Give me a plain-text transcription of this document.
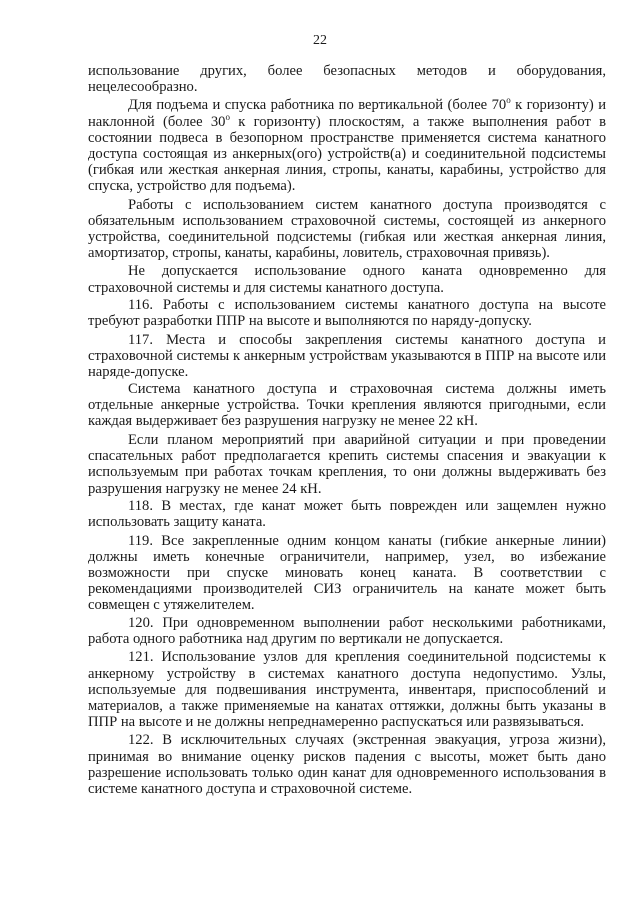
22

использование других, более безопасных методов и оборудования, нецелесообразно.

Для подъема и спуска работника по вертикальной (более $70^о$ к горизонту) и наклонной (более $30^о$ к горизонту) плоскостям, а также выполнения работ в состоянии подвеса в безопорном пространстве применяется система канатного доступа состоящая из анкерных(ого) устройств(а) и соединительной подсистемы (гибкая или жесткая анкерная линия, стропы, канаты, карабины, устройство для спуска, устройство для подъема).

Работы с использованием систем канатного доступа производятся с обязательным использованием страховочной системы, состоящей из анкерного устройства, соединительной подсистемы (гибкая или жесткая анкерная линия, амортизатор, стропы, канаты, карабины, ловитель, страховочная привязь).

Не допускается использование одного каната одновременно для страховочной системы и для системы канатного доступа.

116. Работы с использованием системы канатного доступа на высоте требуют разработки ППР на высоте и выполняются по наряду-допуску.

117. Места и способы закрепления системы канатного доступа и страховочной системы к анкерным устройствам указываются в ППР на высоте или наряде-допуске.

Система канатного доступа и страховочная система должны иметь отдельные анкерные устройства. Точки крепления являются пригодными, если каждая выдерживает без разрушения нагрузку не менее 22 кН.

Если планом мероприятий при аварийной ситуации и при проведении спасательных работ предполагается крепить системы спасения и эвакуации к используемым при работах точкам крепления, то они должны выдерживать без разрушения нагрузку не менее 24 кН.

118. В местах, где канат может быть поврежден или защемлен нужно использовать защиту каната.

119. Все закрепленные одним концом канаты (гибкие анкерные линии) должны иметь конечные ограничители, например, узел, во избежание возможности при спуске миновать конец каната. В соответствии с рекомендациями производителей СИЗ ограничитель на канате может быть совмещен с утяжелителем.

120. При одновременном выполнении работ несколькими работниками, работа одного работника над другим по вертикали не допускается.

121. Использование узлов для крепления соединительной подсистемы к анкерному устройству в системах канатного доступа недопустимо. Узлы, используемые для подвешивания инструмента, инвентаря, приспособлений и материалов, а также применяемые на канатах оттяжки, должны быть указаны в ППР на высоте и не должны непреднамеренно распускаться или развязываться.

122. В исключительных случаях (экстренная эвакуация, угроза жизни), принимая во внимание оценку рисков падения с высоты, может быть дано разрешение использовать только один канат для одновременного использования в системе канатного доступа и страховочной системе.
